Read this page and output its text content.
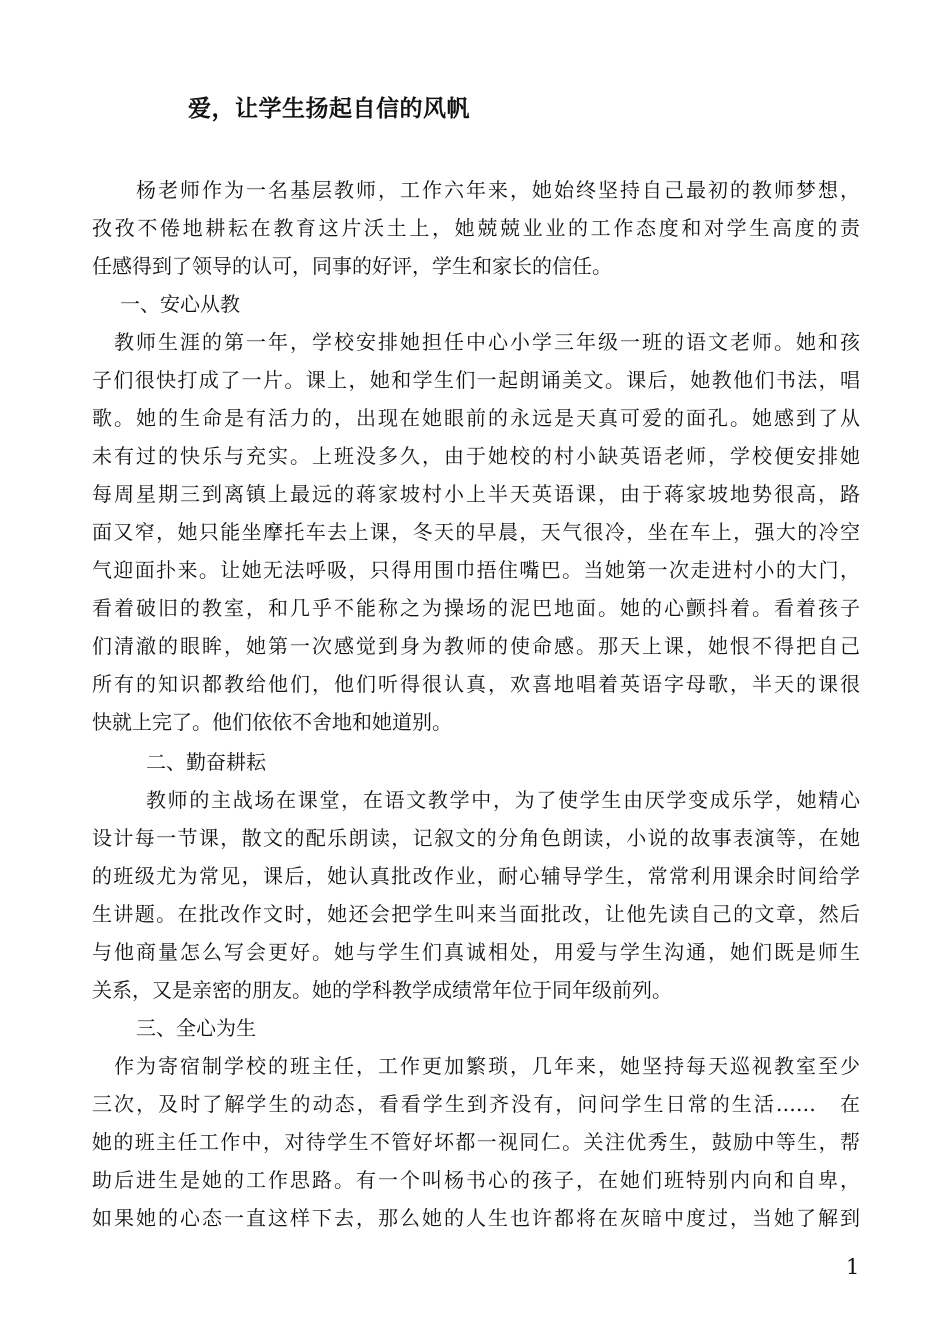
爱，让学生扬起自信的风帆

杨老师作为一名基层教师，工作六年来，她始终坚持自己最初的教师梦想，

孜孜不倦地耕耘在教育这片沃土上，她兢兢业业的工作态度和对学生高度的责

任感得到了领导的认可，同事的好评，学生和家长的信任。

一、安心从教

教师生涯的第一年，学校安排她担任中心小学三年级一班的语文老师。她和孩

子们很快打成了一片。课上，她和学生们一起朗诵美文。课后，她教他们书法，唱

歌。她的生命是有活力的，出现在她眼前的永远是天真可爱的面孔。她感到了从

未有过的快乐与充实。上班没多久，由于她校的村小缺英语老师，学校便安排她

每周星期三到离镇上最远的蒋家坡村小上半天英语课，由于蒋家坡地势很高，路

面又窄，她只能坐摩托车去上课，冬天的早晨，天气很冷，坐在车上，强大的冷空

气迎面扑来。让她无法呼吸，只得用围巾捂住嘴巴。当她第一次走进村小的大门，

看着破旧的教室，和几乎不能称之为操场的泥巴地面。她的心颤抖着。看着孩子

们清澈的眼眸，她第一次感觉到身为教师的使命感。那天上课，她恨不得把自己

所有的知识都教给他们，他们听得很认真，欢喜地唱着英语字母歌，半天的课很

快就上完了。他们依依不舍地和她道别。

二、勤奋耕耘

教师的主战场在课堂，在语文教学中，为了使学生由厌学变成乐学，她精心

设计每一节课，散文的配乐朗读，记叙文的分角色朗读，小说的故事表演等，在她

的班级尤为常见，课后，她认真批改作业，耐心辅导学生，常常利用课余时间给学

生讲题。在批改作文时，她还会把学生叫来当面批改，让他先读自己的文章，然后

与他商量怎么写会更好。她与学生们真诚相处，用爱与学生沟通，她们既是师生

关系，又是亲密的朋友。她的学科教学成绩常年位于同年级前列。

三、全心为生

作为寄宿制学校的班主任，工作更加繁琐，几年来，她坚持每天巡视教室至少

三次，及时了解学生的动态，看看学生到齐没有，问问学生日常的生活……　在

她的班主任工作中，对待学生不管好坏都一视同仁。关注优秀生，鼓励中等生，帮

助后进生是她的工作思路。有一个叫杨书心的孩子，在她们班特别内向和自卑，

如果她的心态一直这样下去，那么她的人生也许都将在灰暗中度过，当她了解到

1
